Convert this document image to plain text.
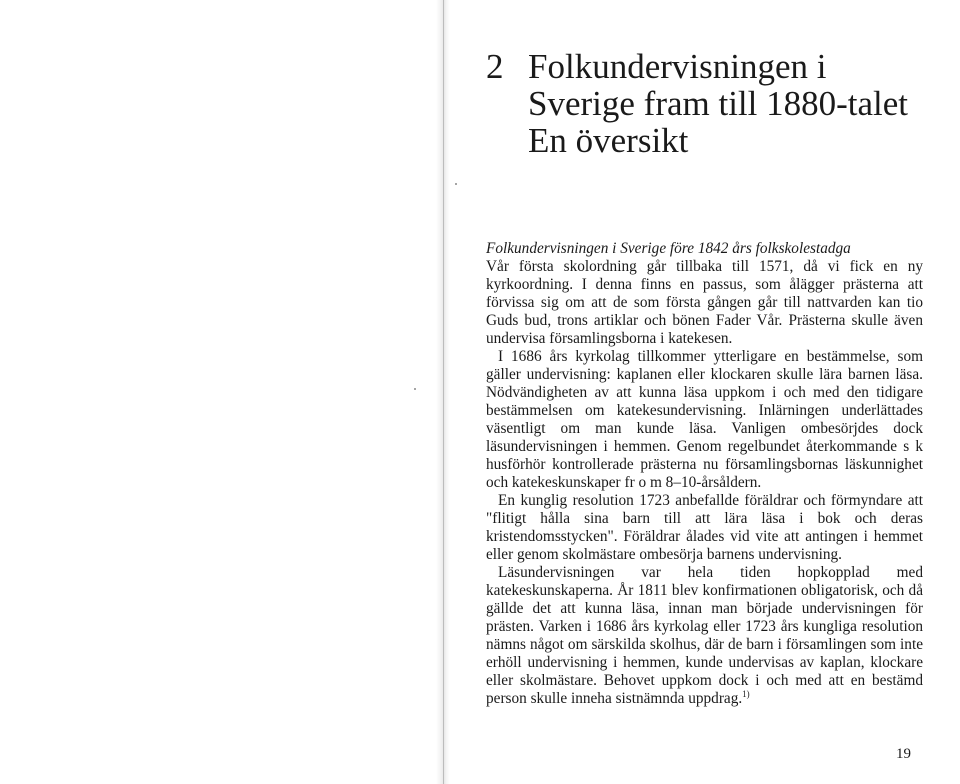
2 Folkundervisningen i
Sverige fram till 1880-talet
En översikt
Folkundervisningen i Sverige före 1842 års folkskolestadga

Vår första skolordning går tillbaka till 1571, då vi fick en ny kyrkoordning. I denna finns en passus, som ålägger prästerna att förvissa sig om att de som första gången går till nattvarden kan tio Guds bud, trons artiklar och bönen Fader Vår. Prästerna skulle även undervisa församlingsborna i katekesen.

I 1686 års kyrkolag tillkommer ytterligare en bestämmelse, som gäller undervisning: kaplanen eller klockaren skulle lära barnen läsa. Nödvändigheten av att kunna läsa uppkom i och med den tidigare bestämmelsen om katekesundervisning. Inlärningen underlättades väsentligt om man kunde läsa. Vanligen ombesörjdes dock läsundervisningen i hemmen. Genom regelbundet återkommande s k husförhör kontrollerade prästerna nu församlingsbornas läskunnighet och katekeskunskaper fr o m 8–10-årsåldern.

En kunglig resolution 1723 anbefallde föräldrar och förmyndare att "flitigt hålla sina barn till att lära läsa i bok och deras kristendomsstycken". Föräldrar ålades vid vite att antingen i hemmet eller genom skolmästare ombesörja barnens undervisning.

Läsundervisningen var hela tiden hopkopplad med katekeskunskaperna. År 1811 blev konfirmationen obligatorisk, och då gällde det att kunna läsa, innan man började undervisningen för prästen. Varken i 1686 års kyrkolag eller 1723 års kungliga resolution nämns något om särskilda skolhus, där de barn i församlingen som inte erhöll undervisning i hemmen, kunde undervisas av kaplan, klockare eller skolmästare. Behovet uppkom dock i och med att en bestämd person skulle inneha sistnämnda uppdrag.$^{1)}$

19
